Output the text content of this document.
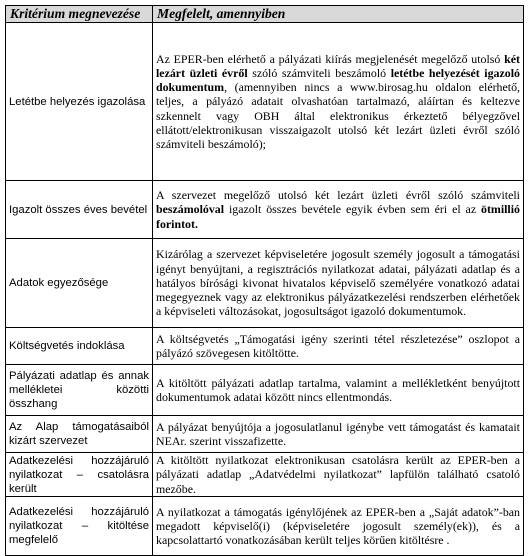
Kritérium megnevezése	Megfelelt, amennyiben

Letétbe helyezés igazolása	Az EPER-ben elérhető a pályázati kiírás megjelenését megelőző utolsó két lezárt üzleti évről szóló számviteli beszámoló letétbe helyezését igazoló dokumentum, (amennyiben nincs a www.birosag.hu oldalon elérhető, teljes, a pályázó adatait olvashatóan tartalmazó, aláírtan és keltezve szkennelt vagy OBH által elektronikus érkeztető bélyegzővel ellátott/elektronikusan visszaigazolt utolsó két lezárt üzleti évről szóló számviteli beszámoló);

Igazolt összes éves bevétel	A szervezet megelőző utolsó két lezárt üzleti évről szóló számviteli beszámolóval igazolt összes bevétele egyik évben sem éri el az ötmillió forintot.

Adatok egyezősége	Kizárólag a szervezet képviseletére jogosult személy jogosult a támogatási igényt benyújtani, a regisztrációs nyilatkozat adatai, pályázati adatlap és a hatályos bírósági kivonat hivatalos képviselő személyére vonatkozó adatai megegyeznek vagy az elektronikus pályázatkezelési rendszerben elérhetőek a képviseleti változásokat, jogosultságot igazoló dokumentumok.

Költségvetés indoklása	A költségvetés „Támogatási igény szerinti tétel részletezése” oszlopot a pályázó szövegesen kitöltötte.

Pályázati adatlap és annak mellékletei közötti összhang	A kitöltött pályázati adatlap tartalma, valamint a mellékletként benyújtott dokumentumok adatai között nincs ellentmondás.

Az Alap támogatásaiból kizárt szervezet	A pályázat benyújtója a jogosulatlanul igénybe vett támogatást és kamatait NEAr. szerint visszafizette.

Adatkezelési hozzájáruló nyilatkozat – csatolásra került	A kitöltött nyilatkozat elektronikusan csatolásra került az EPER-ben a pályázati adatlap „Adatvédelmi nyilatkozat” lapfülön található csatoló mezőbe.

Adatkezelési hozzájáruló nyilatkozat – kitöltése megfelelő	A nyilatkozat a támogatás igénylőjének az EPER-ben a „Saját adatok”-ban megadott képviselő(i) (képviseletére jogosult személy(ek)), és a kapcsolattartó vonatkozásában került teljes körűen kitöltésre .
